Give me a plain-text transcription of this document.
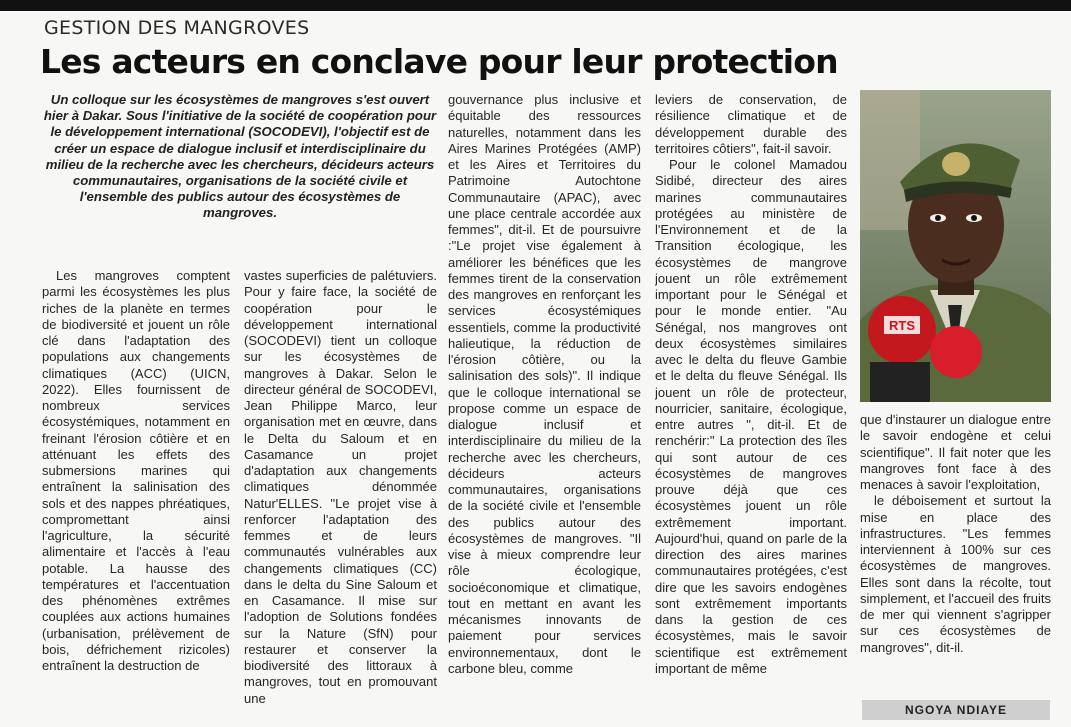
GESTION DES MANGROVES
Les acteurs en conclave pour leur protection
Un colloque sur les écosystèmes de mangroves s'est ouvert hier à Dakar. Sous l'initiative de la société de coopération pour le développement international (SOCODEVI), l'objectif est de créer un espace de dialogue inclusif et interdisciplinaire du milieu de la recherche avec les chercheurs, décideurs acteurs communautaires, organisations de la société civile et l'ensemble des publics autour des écosystèmes de mangroves.

Les mangroves comptent parmi les écosystèmes les plus riches de la planète en termes de biodiversité et jouent un rôle clé dans l'adaptation des populations aux changements climatiques (ACC) (UICN, 2022). Elles fournissent de nombreux services écosystémiques, notamment en freinant l'érosion côtière et en atténuant les effets des submersions marines qui entraînent la salinisation des sols et des nappes phréatiques, compromettant ainsi l'agriculture, la sécurité alimentaire et l'accès à l'eau potable. La hausse des températures et l'accentuation des phénomènes extrêmes couplées aux actions humaines (urbanisation, prélèvement de bois, défrichement rizicoles) entraînent la destruction de

vastes superficies de palétuviers. Pour y faire face, la société de coopération pour le développement international (SOCODEVI) tient un colloque sur les écosystèmes de mangroves à Dakar. Selon le directeur général de SOCODEVI, Jean Philippe Marco, leur organisation met en œuvre, dans le Delta du Saloum et en Casamance un projet d'adaptation aux changements climatiques dénommée Natur'ELLES. "Le projet vise à renforcer l'adaptation des femmes et de leurs communautés vulnérables aux changements climatiques (CC) dans le delta du Sine Saloum et en Casamance. Il mise sur l'adoption de Solutions fondées sur la Nature (SfN) pour restaurer et conserver la biodiversité des littoraux à mangroves, tout en promouvant une

gouvernance plus inclusive et équitable des ressources naturelles, notamment dans les Aires Marines Protégées (AMP) et les Aires et Territoires du Patrimoine Autochtone Communautaire (APAC), avec une place centrale accordée aux femmes", dit-il. Et de poursuivre :"Le projet vise également à améliorer les bénéfices que les femmes tirent de la conservation des mangroves en renforçant les services écosystémiques essentiels, comme la productivité halieutique, la réduction de l'érosion côtière, ou la salinisation des sols)". Il indique que le colloque international se propose comme un espace de dialogue inclusif et interdisciplinaire du milieu de la recherche avec les chercheurs, décideurs acteurs communautaires, organisations de la société civile et l'ensemble des publics autour des écosystèmes de mangroves. "Il vise à mieux comprendre leur rôle écologique, socioéconomique et climatique, tout en mettant en avant les mécanismes innovants de paiement pour services environnementaux, dont le carbone bleu, comme

leviers de conservation, de résilience climatique et de développement durable des territoires côtiers", fait-il savoir.

Pour le colonel Mamadou Sidibé, directeur des aires marines communautaires protégées au ministère de l'Environnement et de la Transition écologique, les écosystèmes de mangrove jouent un rôle extrêmement important pour le Sénégal et pour le monde entier. "Au Sénégal, nos mangroves ont deux écosystèmes similaires avec le delta du fleuve Gambie et le delta du fleuve Sénégal. Ils jouent un rôle de protecteur, nourricier, sanitaire, écologique, entre autres ", dit-il. Et de renchérir:" La protection des îles qui sont autour de ces écosystèmes de mangroves prouve déjà que ces écosystèmes jouent un rôle extrêmement important. Aujourd'hui, quand on parle de la direction des aires marines communautaires protégées, c'est dire que les savoirs endogènes sont extrêmement importants dans la gestion de ces écosystèmes, mais le savoir scientifique est extrêmement important de même

RTS

que d'instaurer un dialogue entre le savoir endogène et celui scientifique". Il fait noter que les mangroves font face à des menaces à savoir l'exploitation,

le déboisement et surtout la mise en place des infrastructures. "Les femmes interviennent à 100% sur ces écosystèmes de mangroves. Elles sont dans la récolte, tout simplement, et l'accueil des fruits de mer qui viennent s'agripper sur ces écosystèmes de mangroves", dit-il.

NGOYA NDIAYE
